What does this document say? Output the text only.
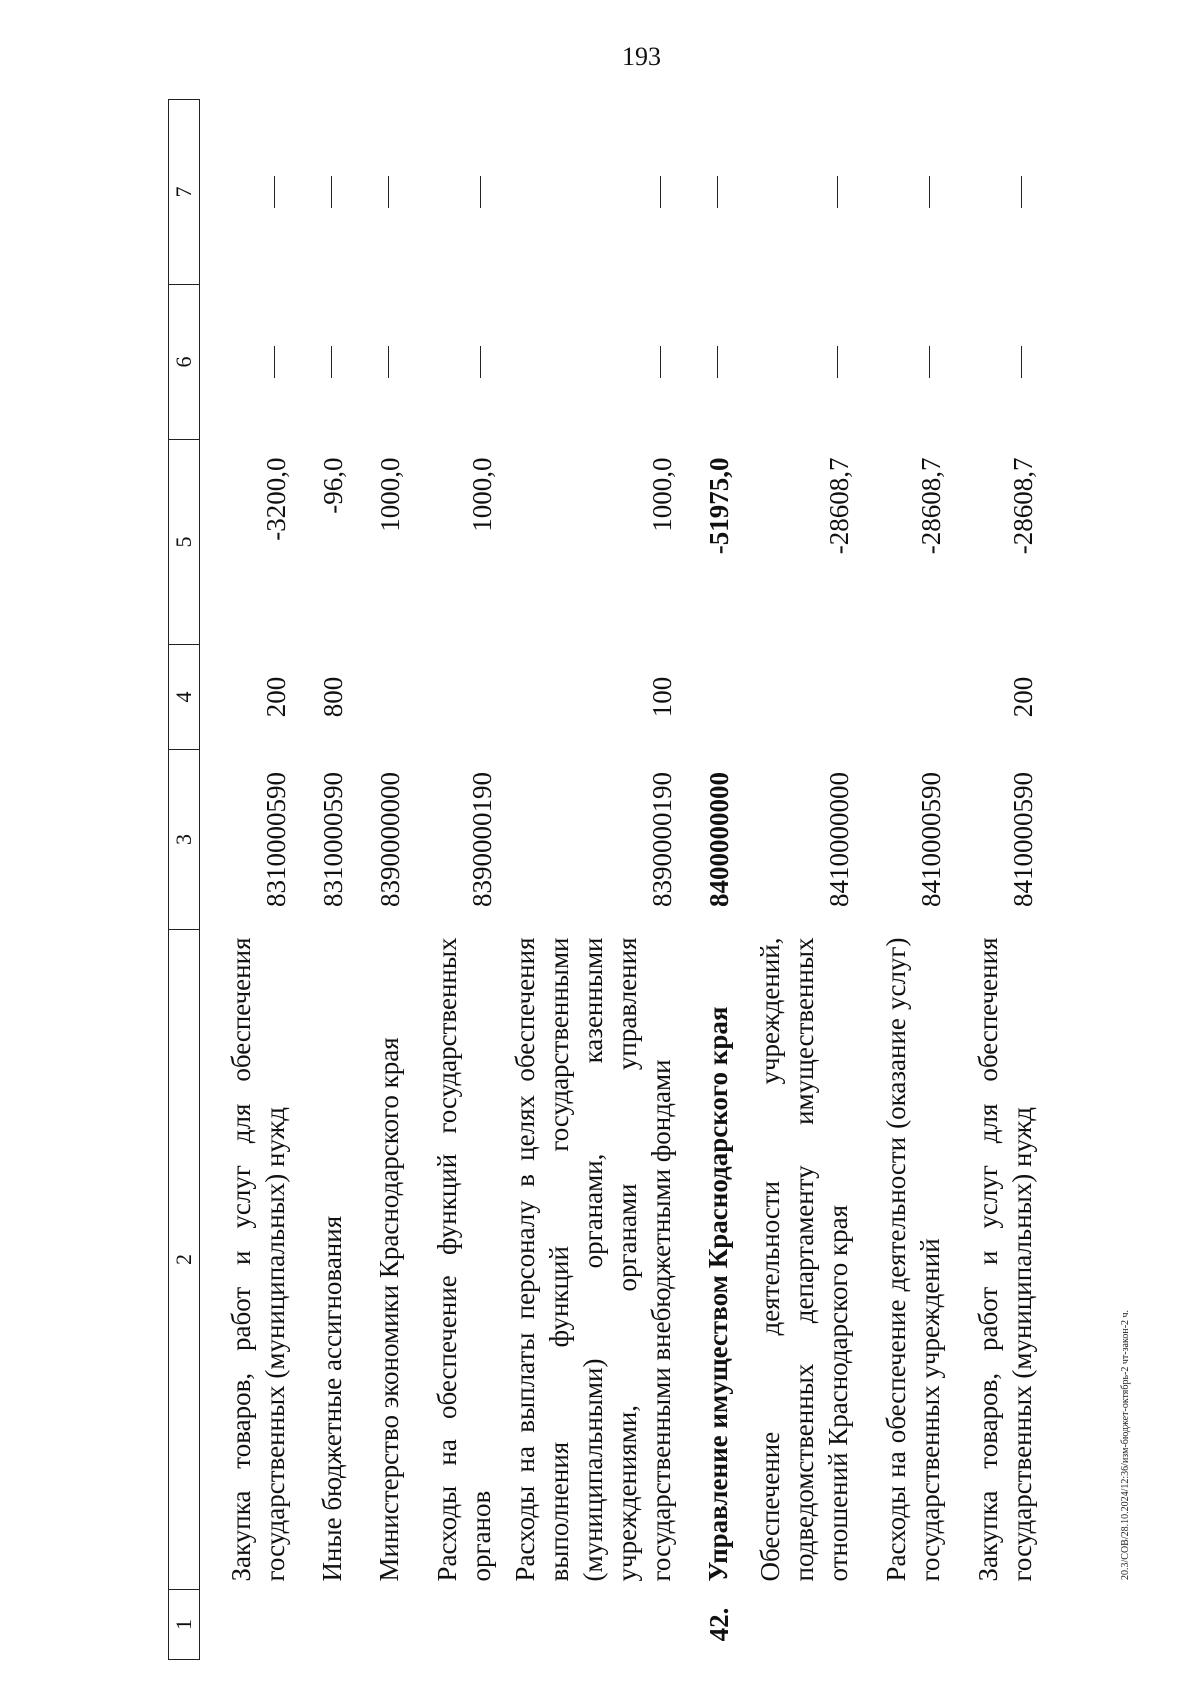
193
20.3/СОВ/28.10.2024/12:36/изм-бюджет-октябрь-2 чт-закон-2 ч.
1	2	3	4	5	6	7
	Закупка товаров, работ и услуг для обеспечения государственных (муниципальных) нужд	8310000590	200	-3200,0		
	Иные бюджетные ассигнования	8310000590	800	-96,0		
	Министерство экономики Краснодарского края	8390000000		1000,0		
	Расходы на обеспечение функций государственных органов	8390000190		1000,0		
	Расходы на выплаты персоналу в целях обеспечения выполнения функций государственными (муниципальными) органами, казенными учреждениями, органами управления государственными внебюджетными фондами	8390000190	100	1000,0		
42.	Управление имуществом Краснодарского края	8400000000		-51975,0		
	Обеспечение деятельности учреждений, подведомственных департаменту имущественных отношений Краснодарского края	8410000000		-28608,7		
	Расходы на обеспечение деятельности (оказание услуг) государственных учреждений	8410000590		-28608,7		
	Закупка товаров, работ и услуг для обеспечения государственных (муниципальных) нужд	8410000590	200	-28608,7		
